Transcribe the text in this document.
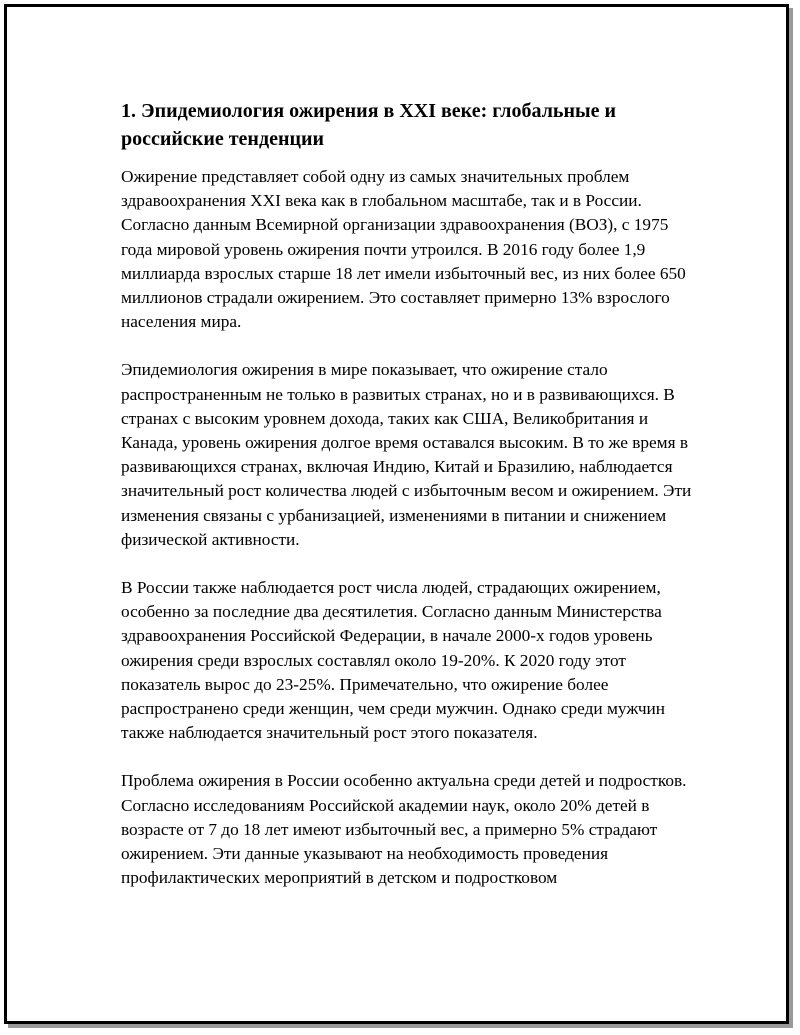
1. Эпидемиология ожирения в XXI веке: глобальные и российские тенденции

Ожирение представляет собой одну из самых значительных проблем здравоохранения XXI века как в глобальном масштабе, так и в России. Согласно данным Всемирной организации здравоохранения (ВОЗ), с 1975 года мировой уровень ожирения почти утроился. В 2016 году более 1,9 миллиарда взрослых старше 18 лет имели избыточный вес, из них более 650 миллионов страдали ожирением. Это составляет примерно 13% взрослого населения мира.

Эпидемиология ожирения в мире показывает, что ожирение стало распространенным не только в развитых странах, но и в развивающихся. В странах с высоким уровнем дохода, таких как США, Великобритания и Канада, уровень ожирения долгое время оставался высоким. В то же время в развивающихся странах, включая Индию, Китай и Бразилию, наблюдается значительный рост количества людей с избыточным весом и ожирением. Эти изменения связаны с урбанизацией, изменениями в питании и снижением физической активности.

В России также наблюдается рост числа людей, страдающих ожирением, особенно за последние два десятилетия. Согласно данным Министерства здравоохранения Российской Федерации, в начале 2000-х годов уровень ожирения среди взрослых составлял около 19-20%. К 2020 году этот показатель вырос до 23-25%. Примечательно, что ожирение более распространено среди женщин, чем среди мужчин. Однако среди мужчин также наблюдается значительный рост этого показателя.

Проблема ожирения в России особенно актуальна среди детей и подростков. Согласно исследованиям Российской академии наук, около 20% детей в возрасте от 7 до 18 лет имеют избыточный вес, а примерно 5% страдают ожирением. Эти данные указывают на необходимость проведения профилактических мероприятий в детском и подростковом
